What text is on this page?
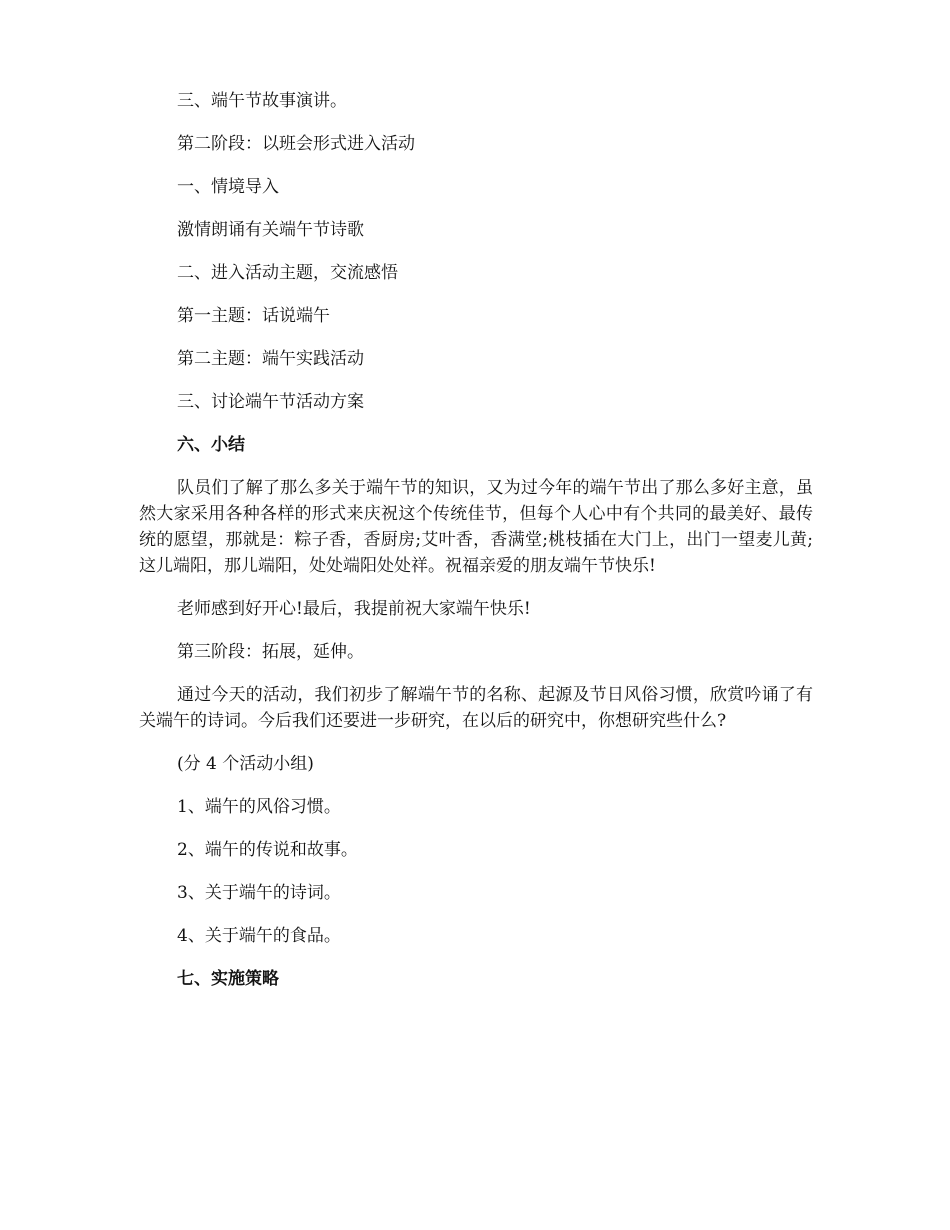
三、端午节故事演讲。

第二阶段：以班会形式进入活动

一、情境导入

激情朗诵有关端午节诗歌

二、进入活动主题，交流感悟

第一主题：话说端午

第二主题：端午实践活动

三、讨论端午节活动方案

六、小结

队员们了解了那么多关于端午节的知识，又为过今年的端午节出了那么多好主意，虽然大家采用各种各样的形式来庆祝这个传统佳节，但每个人心中有个共同的最美好、最传统的愿望，那就是：粽子香，香厨房;艾叶香，香满堂;桃枝插在大门上，出门一望麦儿黄;这儿端阳，那儿端阳，处处端阳处处祥。祝福亲爱的朋友端午节快乐!

老师感到好开心!最后，我提前祝大家端午快乐!

第三阶段：拓展，延伸。

通过今天的活动，我们初步了解端午节的名称、起源及节日风俗习惯，欣赏吟诵了有关端午的诗词。今后我们还要进一步研究，在以后的研究中，你想研究些什么?

(分 4 个活动小组)

1、端午的风俗习惯。

2、端午的传说和故事。

3、关于端午的诗词。

4、关于端午的食品。

七、实施策略
